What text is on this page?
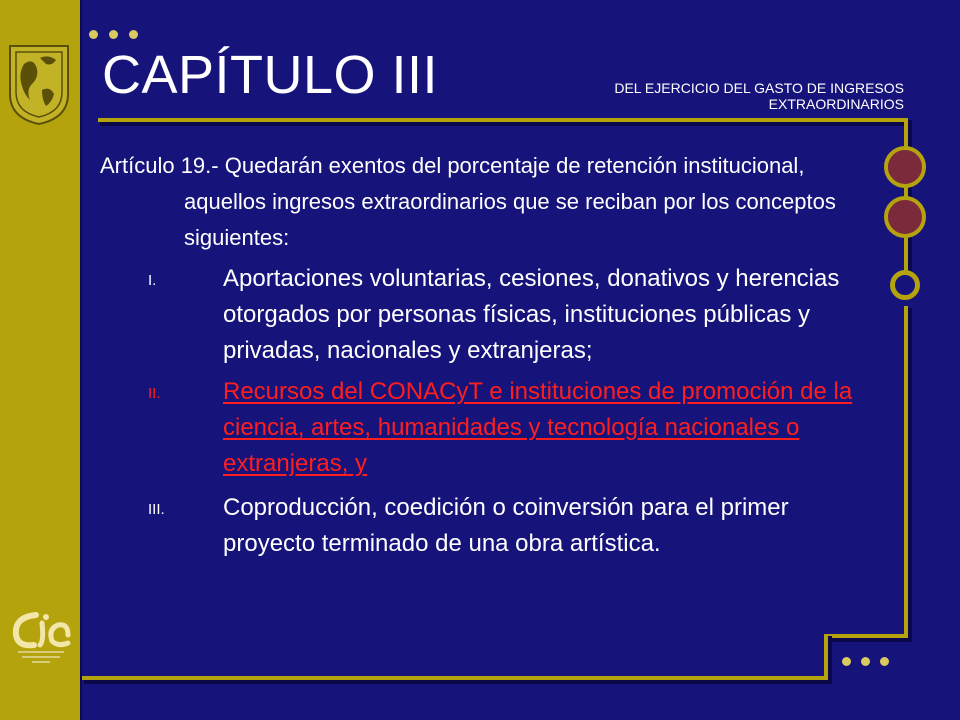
CAPÍTULO III	DEL EJERCICIO DEL GASTO DE INGRESOS EXTRAORDINARIOS

Artículo 19.- Quedarán exentos del porcentaje de retención institucional, aquellos ingresos extraordinarios que se reciban por los conceptos siguientes:

I.	Aportaciones voluntarias, cesiones, donativos y herencias otorgados por personas físicas, instituciones públicas y privadas, nacionales y extranjeras;
II.	Recursos del CONACyT e instituciones de promoción de la ciencia, artes, humanidades y tecnología nacionales o extranjeras, y
III. Coproducción, coedición o coinversión para el primer proyecto terminado de una obra artística.
